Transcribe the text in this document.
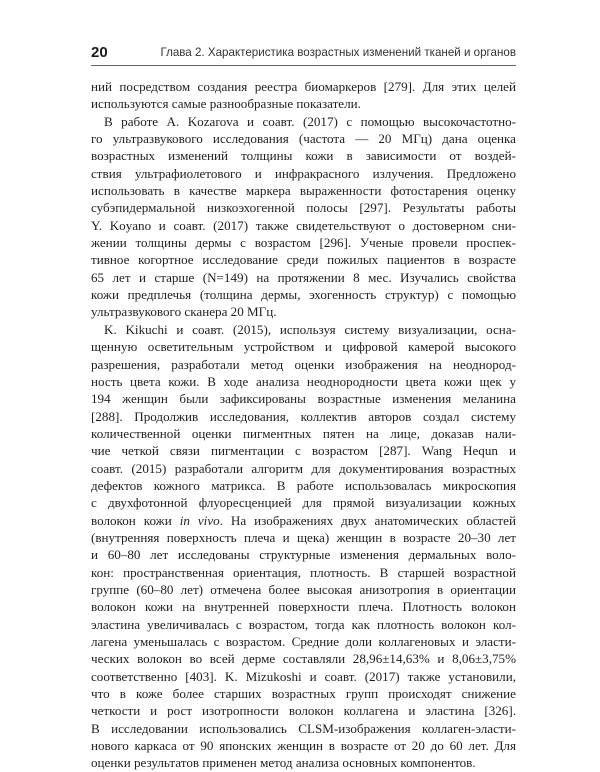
20	Глава 2. Характеристика возрастных изменений тканей и органов
ний посредством создания реестра биомаркеров [279]. Для этих целей
используются самые разнообразные показатели.
В работе A. Kozarova и соавт. (2017) с помощью высокочастотно-
го ультразвукового исследования (частота — 20 МГц) дана оценка
возрастных изменений толщины кожи в зависимости от воздей-
ствия ультрафиолетового и инфракрасного излучения. Предложено
использовать в качестве маркера выраженности фотостарения оценку
субэпидермальной низкоэхогенной полосы [297]. Результаты работы
Y. Koyano и соавт. (2017) также свидетельствуют о достоверном сни-
жении толщины дермы с возрастом [296]. Ученые провели проспек-
тивное когортное исследование среди пожилых пациентов в возрасте
65 лет и старше (N=149) на протяжении 8 мес. Изучались свойства
кожи предплечья (толщина дермы, эхогенность структур) с помощью
ультразвукового сканера 20 МГц.
K. Kikuchi и соавт. (2015), используя систему визуализации, осна-
щенную осветительным устройством и цифровой камерой высокого
разрешения, разработали метод оценки изображения на неоднород-
ность цвета кожи. В ходе анализа неоднородности цвета кожи щек у
194 женщин были зафиксированы возрастные изменения меланина
[288]. Продолжив исследования, коллектив авторов создал систему
количественной оценки пигментных пятен на лице, доказав нали-
чие четкой связи пигментации с возрастом [287]. Wang Hequn и
соавт. (2015) разработали алгоритм для документирования возрастных
дефектов кожного матрикса. В работе использовалась микроскопия
с двухфотонной флуоресценцией для прямой визуализации кожных
волокон кожи in vivo. На изображениях двух анатомических областей
(внутренняя поверхность плеча и щека) женщин в возрасте 20–30 лет
и 60–80 лет исследованы структурные изменения дермальных воло-
кон: пространственная ориентация, плотность. В старшей возрастной
группе (60–80 лет) отмечена более высокая анизотропия в ориентации
волокон кожи на внутренней поверхности плеча. Плотность волокон
эластина увеличивалась с возрастом, тогда как плотность волокон кол-
лагена уменьшалась с возрастом. Средние доли коллагеновых и эласти-
ческих волокон во всей дерме составляли 28,96±14,63% и 8,06±3,75%
соответственно [403]. K. Mizukoshi и соавт. (2017) также установили,
что в коже более старших возрастных групп происходят снижение
четкости и рост изотропности волокон коллагена и эластина [326].
В исследовании использовались CLSM-изображения коллаген-эласти-
нового каркаса от 90 японских женщин в возрасте от 20 до 60 лет. Для
оценки результатов применен метод анализа основных компонентов.
